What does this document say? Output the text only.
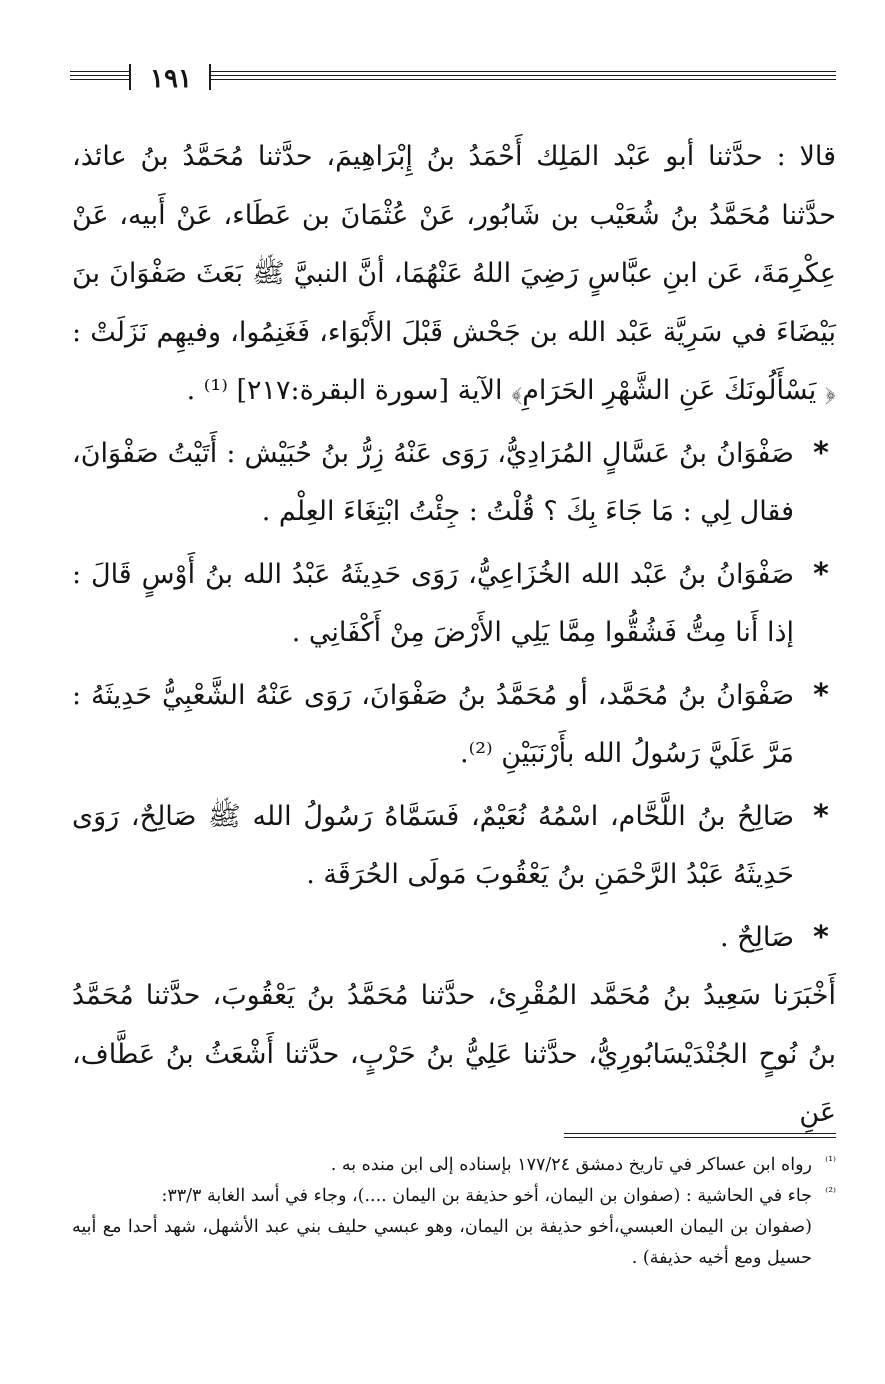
١٩١

قالا : حدَّثنا أبو عَبْد المَلِك أَحْمَدُ بنُ إِبْرَاهِيمَ، حدَّثنا مُحَمَّدُ بنُ عائذ، حدَّثنا مُحَمَّدُ بنُ شُعَيْب بن شَابُور، عَنْ عُثْمَانَ بن عَطَاء، عَنْ أَبيه، عَنْ عِكْرِمَةَ، عَن ابنِ عبَّاسٍ رَضِيَ اللهُ عَنْهُمَا، أنَّ النبيَّ ﷺ بَعَثَ صَفْوَانَ بنَ بَيْضَاءَ في سَرِيَّة عَبْد الله بن جَحْش قَبْلَ الأَبْوَاء، فَغَنِمُوا، وفيهِم نَزَلَتْ : ﴿ يَسْأَلُونَكَ عَنِ الشَّهْرِ الحَرَامِ﴾ الآية [سورة البقرة:٢١٧] ⁽¹⁾ .

*
صَفْوَانُ بنُ عَسَّالٍ المُرَادِيُّ، رَوَى عَنْهُ زِرُّ بنُ حُبَيْش : أَتَيْتُ صَفْوَانَ، فقال لِي : مَا جَاءَ بِكَ ؟ قُلْتُ : جِئْتُ ابْتِغَاءَ العِلْم .
*
صَفْوَانُ بنُ عَبْد الله الخُزَاعِيُّ، رَوَى حَدِيثَهُ عَبْدُ الله بنُ أَوْسٍ قَالَ : إذا أَنا مِتُّ فَشُقُّوا مِمَّا يَلِي الأَرْضَ مِنْ أَكْفَانِي .
*
صَفْوَانُ بنُ مُحَمَّد، أو مُحَمَّدُ بنُ صَفْوَانَ، رَوَى عَنْهُ الشَّعْبِيُّ حَدِيثَهُ : مَرَّ عَلَيَّ رَسُولُ الله بأَرْنَبَيْنِ ⁽²⁾.
*
صَالِحُ بنُ اللَّحَّام، اسْمُهُ نُعَيْمٌ، فَسَمَّاهُ رَسُولُ الله ﷺ صَالِحٌ، رَوَى حَدِيثَهُ عَبْدُ الرَّحْمَنِ بنُ يَعْقُوبَ مَولَى الحُرَقَة .
*
صَالِحٌ .

أَخْبَرَنا سَعِيدُ بنُ مُحَمَّد المُقْرِئ، حدَّثنا مُحَمَّدُ بنُ يَعْقُوبَ، حدَّثنا مُحَمَّدُ بنُ نُوحٍ الجُنْدَيْسَابُورِيُّ، حدَّثنا عَلِيُّ بنُ حَرْبٍ، حدَّثنا أَشْعَثُ بنُ عَطَّاف، عَنِ

⁽¹⁾
رواه ابن عساكر في تاريخ دمشق ١٧٧/٢٤ بإسناده إلى ابن منده به .

⁽²⁾
جاء في الحاشية : (صفوان بن اليمان، أخو حذيفة بن اليمان ....)، وجاء في أسد الغابة ٣٣/٣:

(صفوان بن اليمان العبسي،أخو حذيفة بن اليمان، وهو عبسي حليف بني عبد الأشهل، شهد أحدا مع أبيه حسيل ومع أخيه حذيفة) .
